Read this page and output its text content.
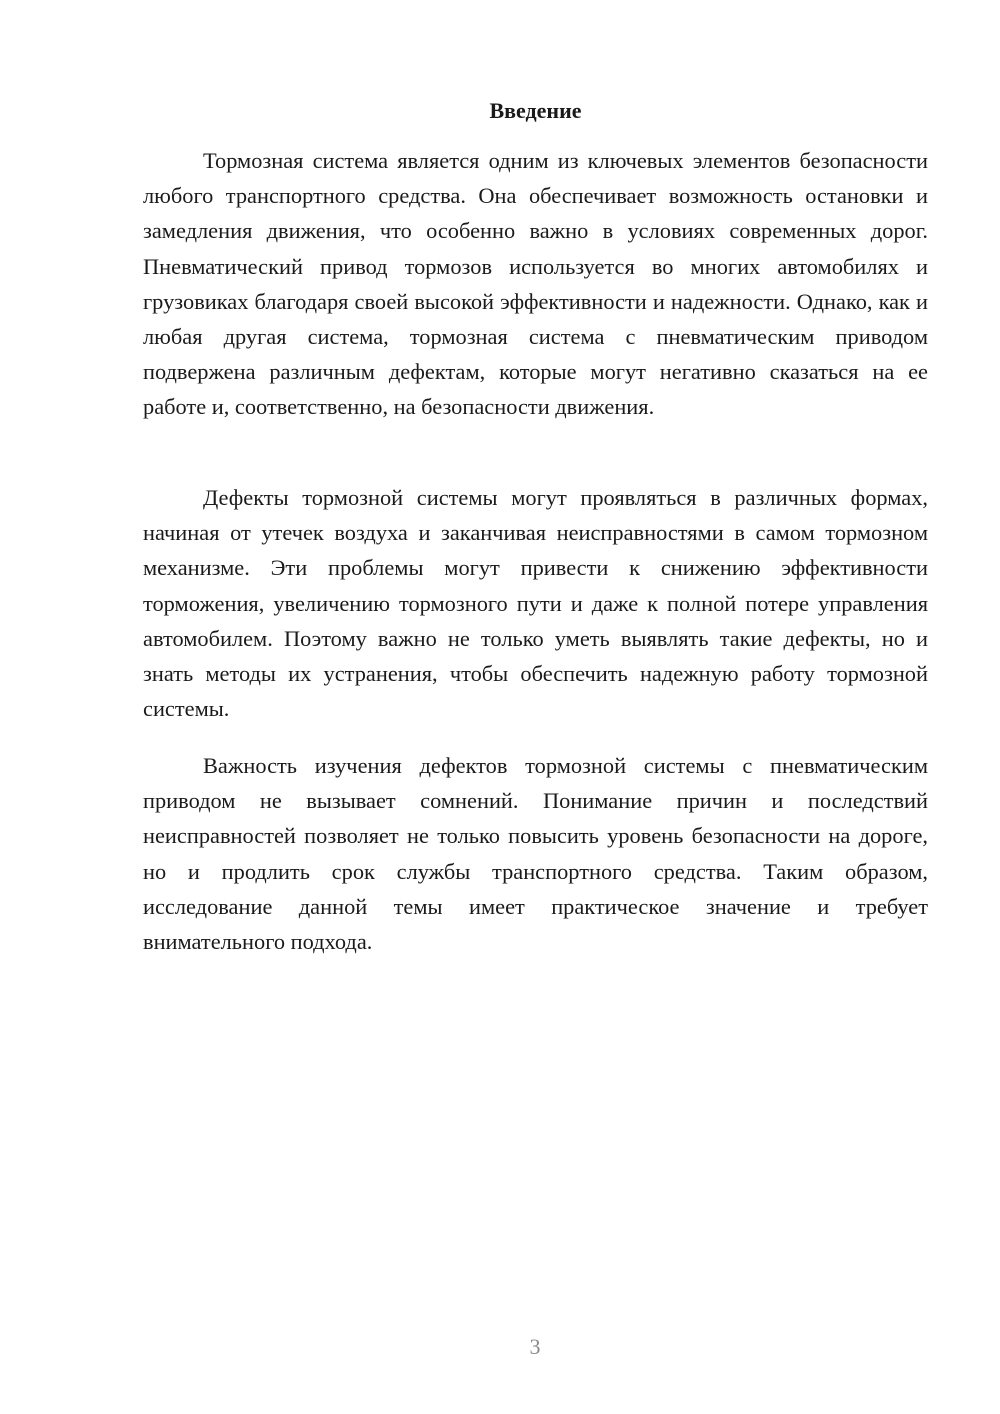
Введение

Тормозная система является одним из ключевых элементов безопасности любого транспортного средства. Она обеспечивает возможность остановки и замедления движения, что особенно важно в условиях современных дорог. Пневматический привод тормозов используется во многих автомобилях и грузовиках благодаря своей высокой эффективности и надежности. Однако, как и любая другая система, тормозная система с пневматическим приводом подвержена различным дефектам, которые могут негативно сказаться на ее работе и, соответственно, на безопасности движения.

Дефекты тормозной системы могут проявляться в различных формах, начиная от утечек воздуха и заканчивая неисправностями в самом тормозном механизме. Эти проблемы могут привести к снижению эффективности торможения, увеличению тормозного пути и даже к полной потере управления автомобилем. Поэтому важно не только уметь выявлять такие дефекты, но и знать методы их устранения, чтобы обеспечить надежную работу тормозной системы.

Важность изучения дефектов тормозной системы с пневматическим приводом не вызывает сомнений. Понимание причин и последствий неисправностей позволяет не только повысить уровень безопасности на дороге, но и продлить срок службы транспортного средства. Таким образом, исследование данной темы имеет практическое значение и требует внимательного подхода.

3
